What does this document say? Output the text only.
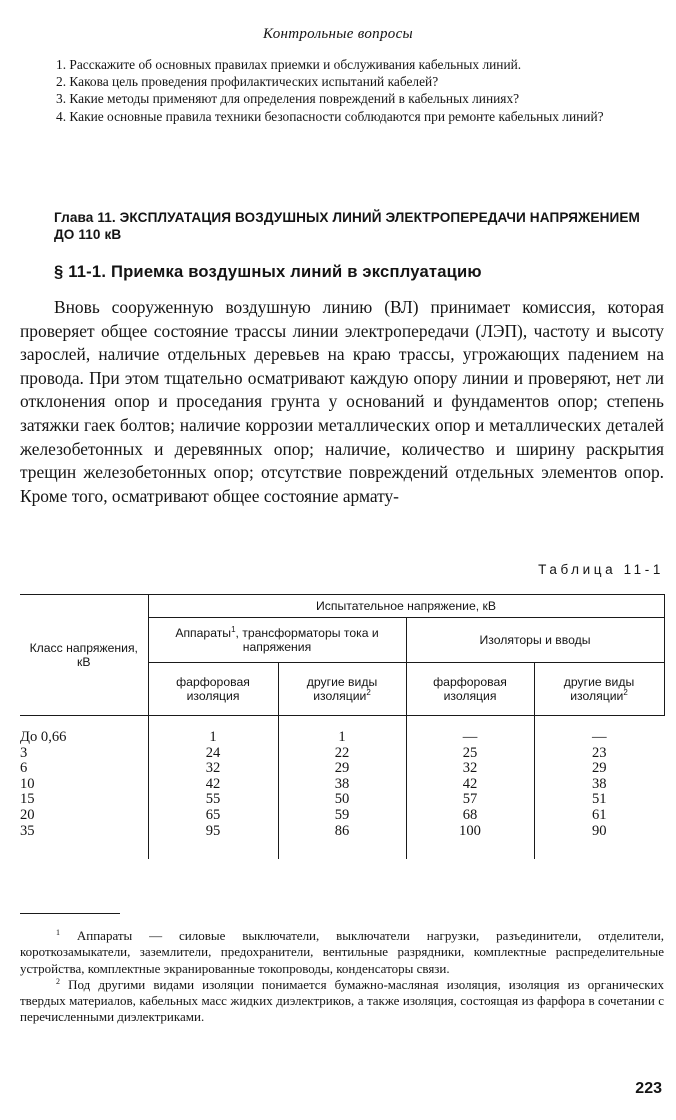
Контрольные вопросы

1. Расскажите об основных правилах приемки и обслуживания кабельных линий.

2. Какова цель проведения профилактических испытаний кабелей?

3. Какие методы применяют для определения повреждений в кабельных линиях?

4. Какие основные правила техники безопасности соблюдаются при ремонте кабельных линий?

Глава 11. ЭКСПЛУАТАЦИЯ ВОЗДУШНЫХ ЛИНИЙ ЭЛЕКТРОПЕРЕДАЧИ НАПРЯЖЕНИЕМ ДО 110 кВ
§ 11-1. Приемка воздушных линий в эксплуатацию

Вновь сооруженную воздушную линию (ВЛ) принимает комиссия, которая проверяет общее состояние трассы линии электропередачи (ЛЭП), частоту и высоту зарослей, наличие отдельных деревьев на краю трассы, угрожающих падением на провода. При этом тщательно осматривают каждую опору линии и проверяют, нет ли отклонения опор и проседания грунта у оснований и фундаментов опор; степень затяжки гаек болтов; наличие коррозии металлических опор и металлических деталей железобетонных и деревянных опор; наличие, количество и ширину раскрытия трещин железобетонных опор; отсутствие повреждений отдельных элементов опор. Кроме того, осматривают общее состояние армату-

Таблица 11-1
Класс напряжения, кВ	Испытательное напряжение, кВ			
	Аппараты$^1$, трансформаторы тока и напряжения		Изоляторы и вводы	
	фарфоровая изоляция	другие виды изоляции$^2$	фарфоровая изоляция	другие виды изоляции$^2$
До 0,66	1	1	—	—
3	24	22	25	23
6	32	29	32	29
10	42	38	42	38
15	55	50	57	51
20	65	59	68	61
35	95	86	100	90

$^1$ Аппараты — силовые выключатели, выключатели нагрузки, разъединители, отделители, короткозамыкатели, заземлители, предохранители, вентильные разрядники, комплектные распределительные устройства, комплектные экранированные токопроводы, конденсаторы связи.

$^2$ Под другими видами изоляции понимается бумажно-масляная изоляция, изоляция из органических твердых материалов, кабельных масс жидких диэлектриков, а также изоляция, состоящая из фарфора в сочетании с перечисленными диэлектриками.

223
